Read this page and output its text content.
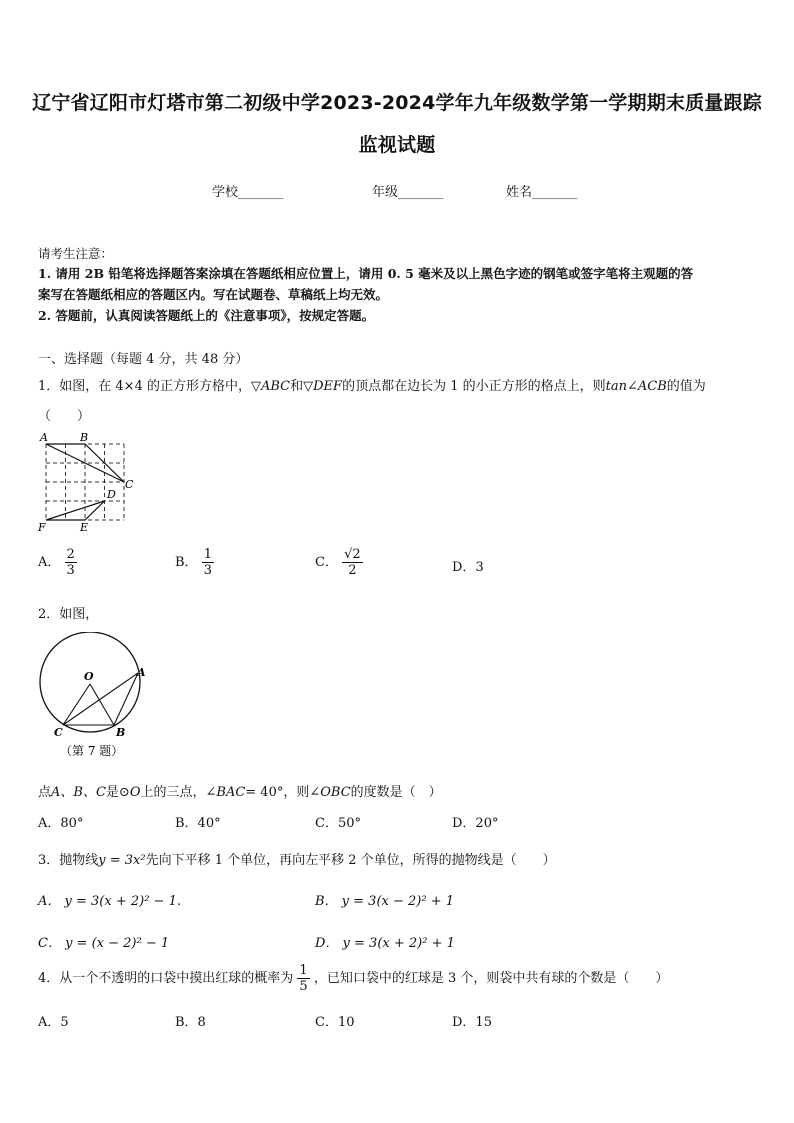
辽宁省辽阳市灯塔市第二初级中学2023-2024学年九年级数学第一学期期末质量跟踪
监视试题
学校_______	年级_______	姓名_______
请考生注意：
1. 请用 2B 铅笔将选择题答案涂填在答题纸相应位置上，请用 0. 5 毫米及以上黑色字迹的钢笔或签字笔将主观题的答
案写在答题纸相应的答题区内。写在试题卷、草稿纸上均无效。
2. 答题前，认真阅读答题纸上的《注意事项》，按规定答题。
一、选择题（每题 4 分，共 48 分）
1．如图，在 4×4 的正方形方格中，▽ABC和▽DEF的顶点都在边长为 1 的小正方形的格点上，则tan∠ACB的值为
（　　）
A	B
C
D
E
F
A． $\frac{2}{3}$	B． $\frac{1}{3}$	C． $\frac{√2}{2}$	D．3
2．如图，
O	A
C	B
（第 7 题）
点A、B、C是⊙O上的三点，∠BAC= 40°，则∠OBC的度数是（　）
A．80°	B．40°	C．50°	D．20°
3．抛物线y = 3x²先向下平移 1 个单位，再向左平移 2 个单位，所得的抛物线是（　　）
A． y = 3(x + 2)² − 1.	B． y = 3(x − 2)² + 1
C． y = (x − 2)² − 1	D． y = 3(x + 2)² + 1
4．从一个不透明的口袋中摸出红球的概率为 $\frac{1}{5}$ ，已知口袋中的红球是 3 个，则袋中共有球的个数是（　　）
A．5	B．8	C．10	D．15
